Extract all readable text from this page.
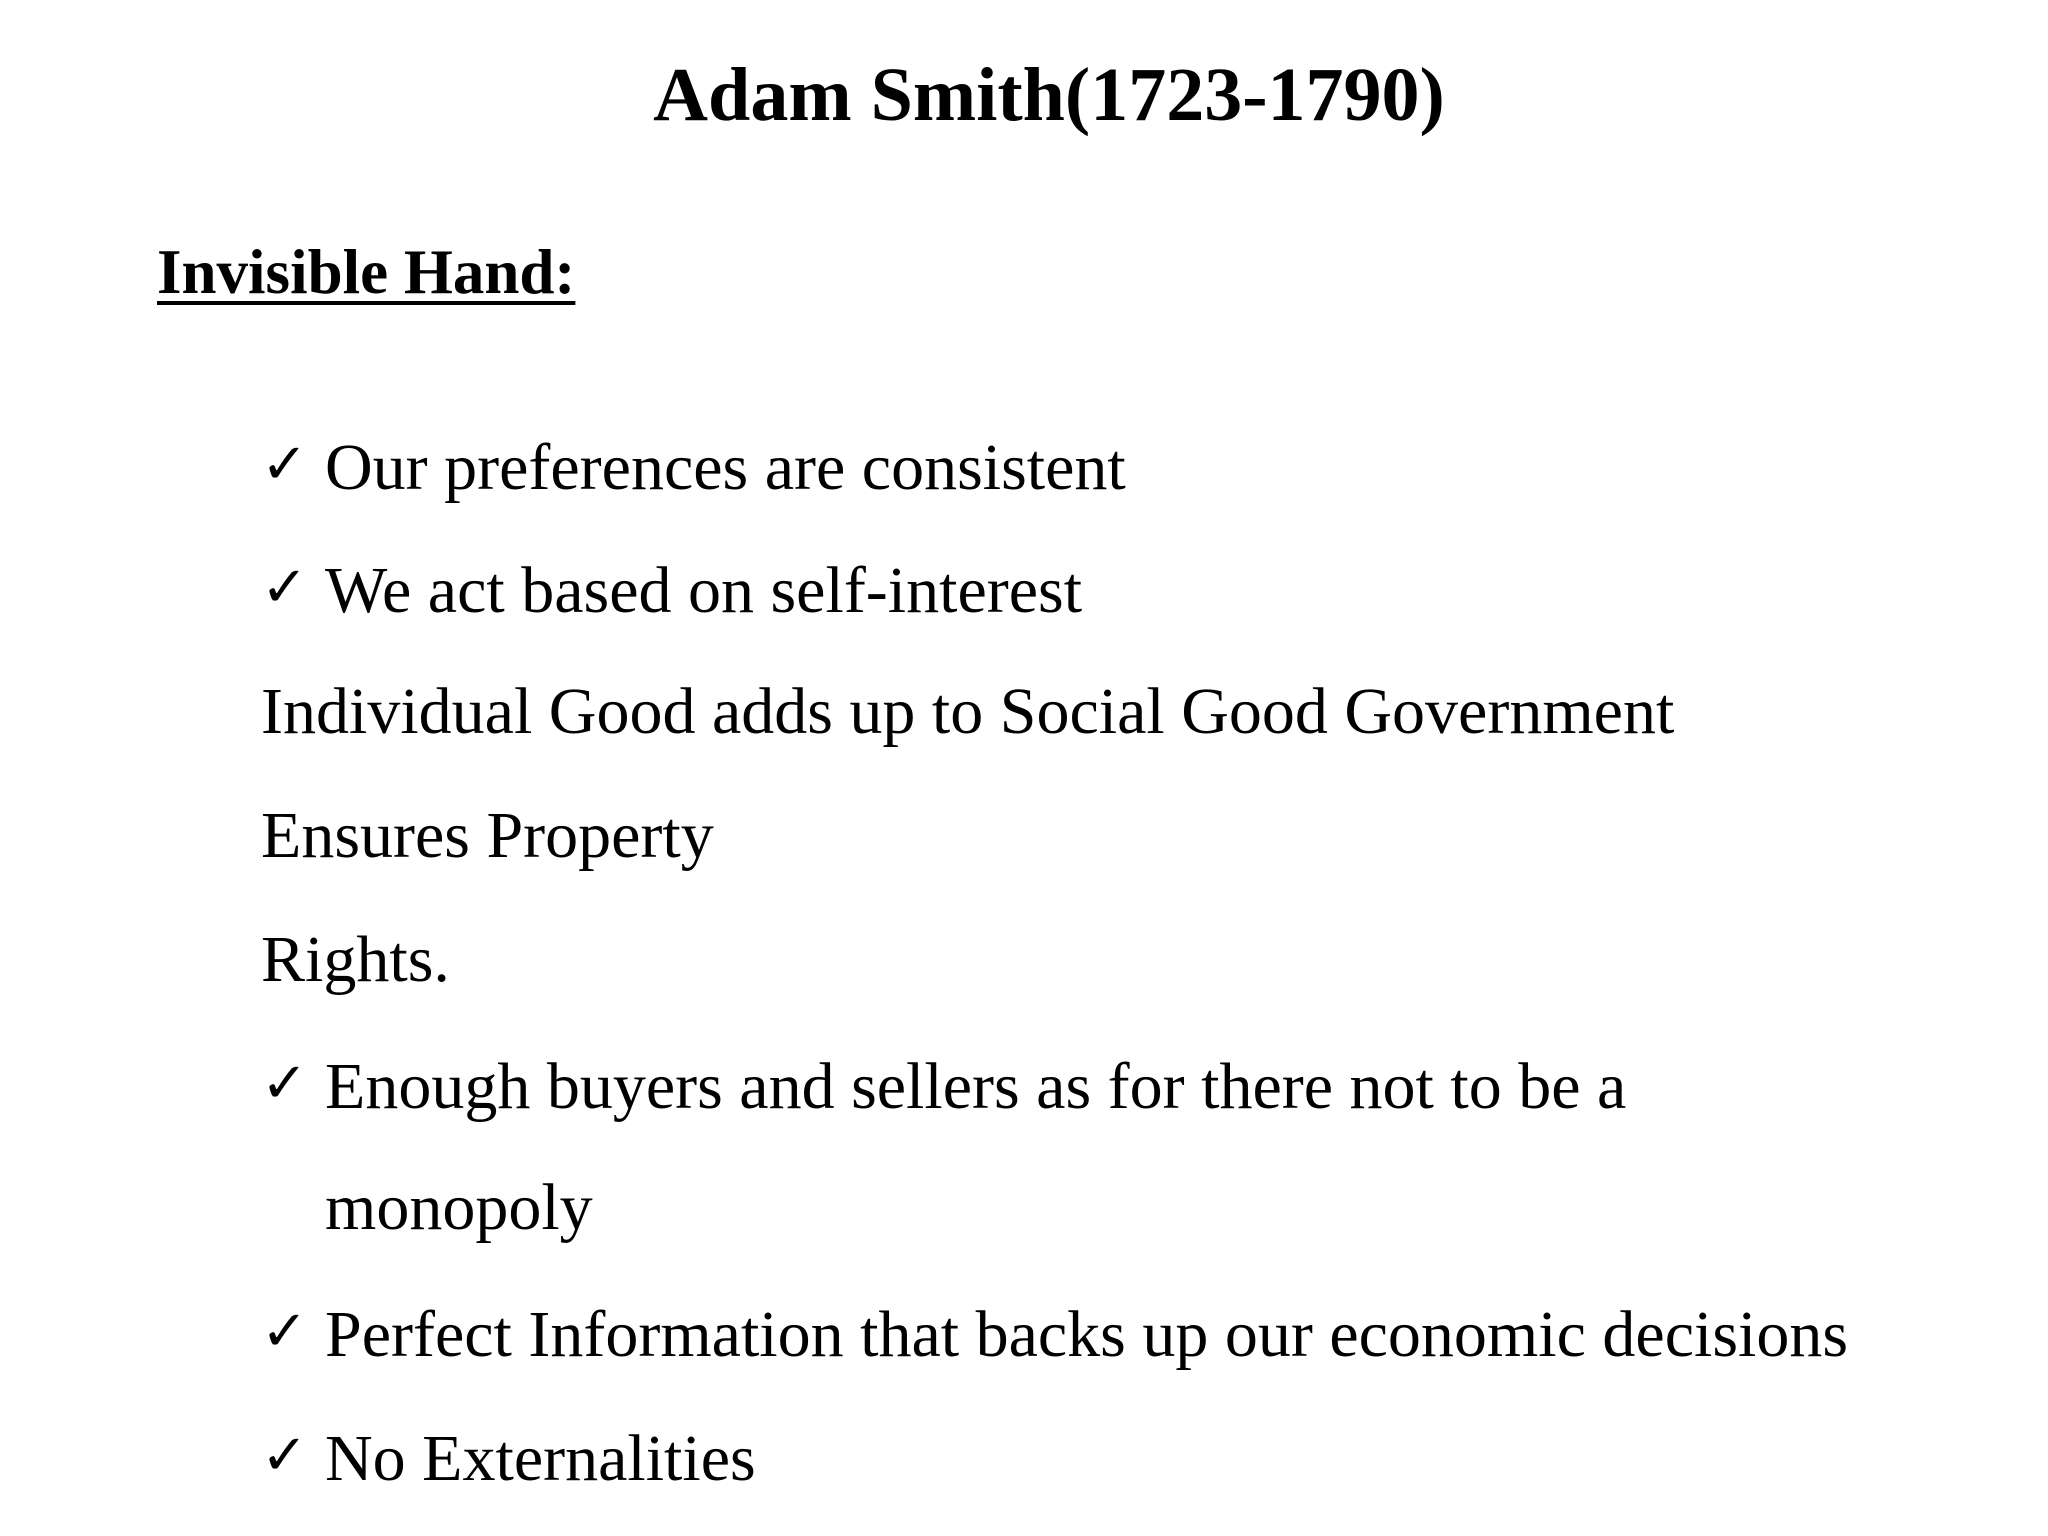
Adam Smith(1723-1790)
Invisible Hand:

✓ Our preferences are consistent

✓ We act based on self-interest

Individual Good adds up to Social Good Government

Ensures Property

Rights.

✓ Enough buyers and sellers as for there not to be a

monopoly

✓ Perfect Information that backs up our economic decisions

✓ No Externalities
